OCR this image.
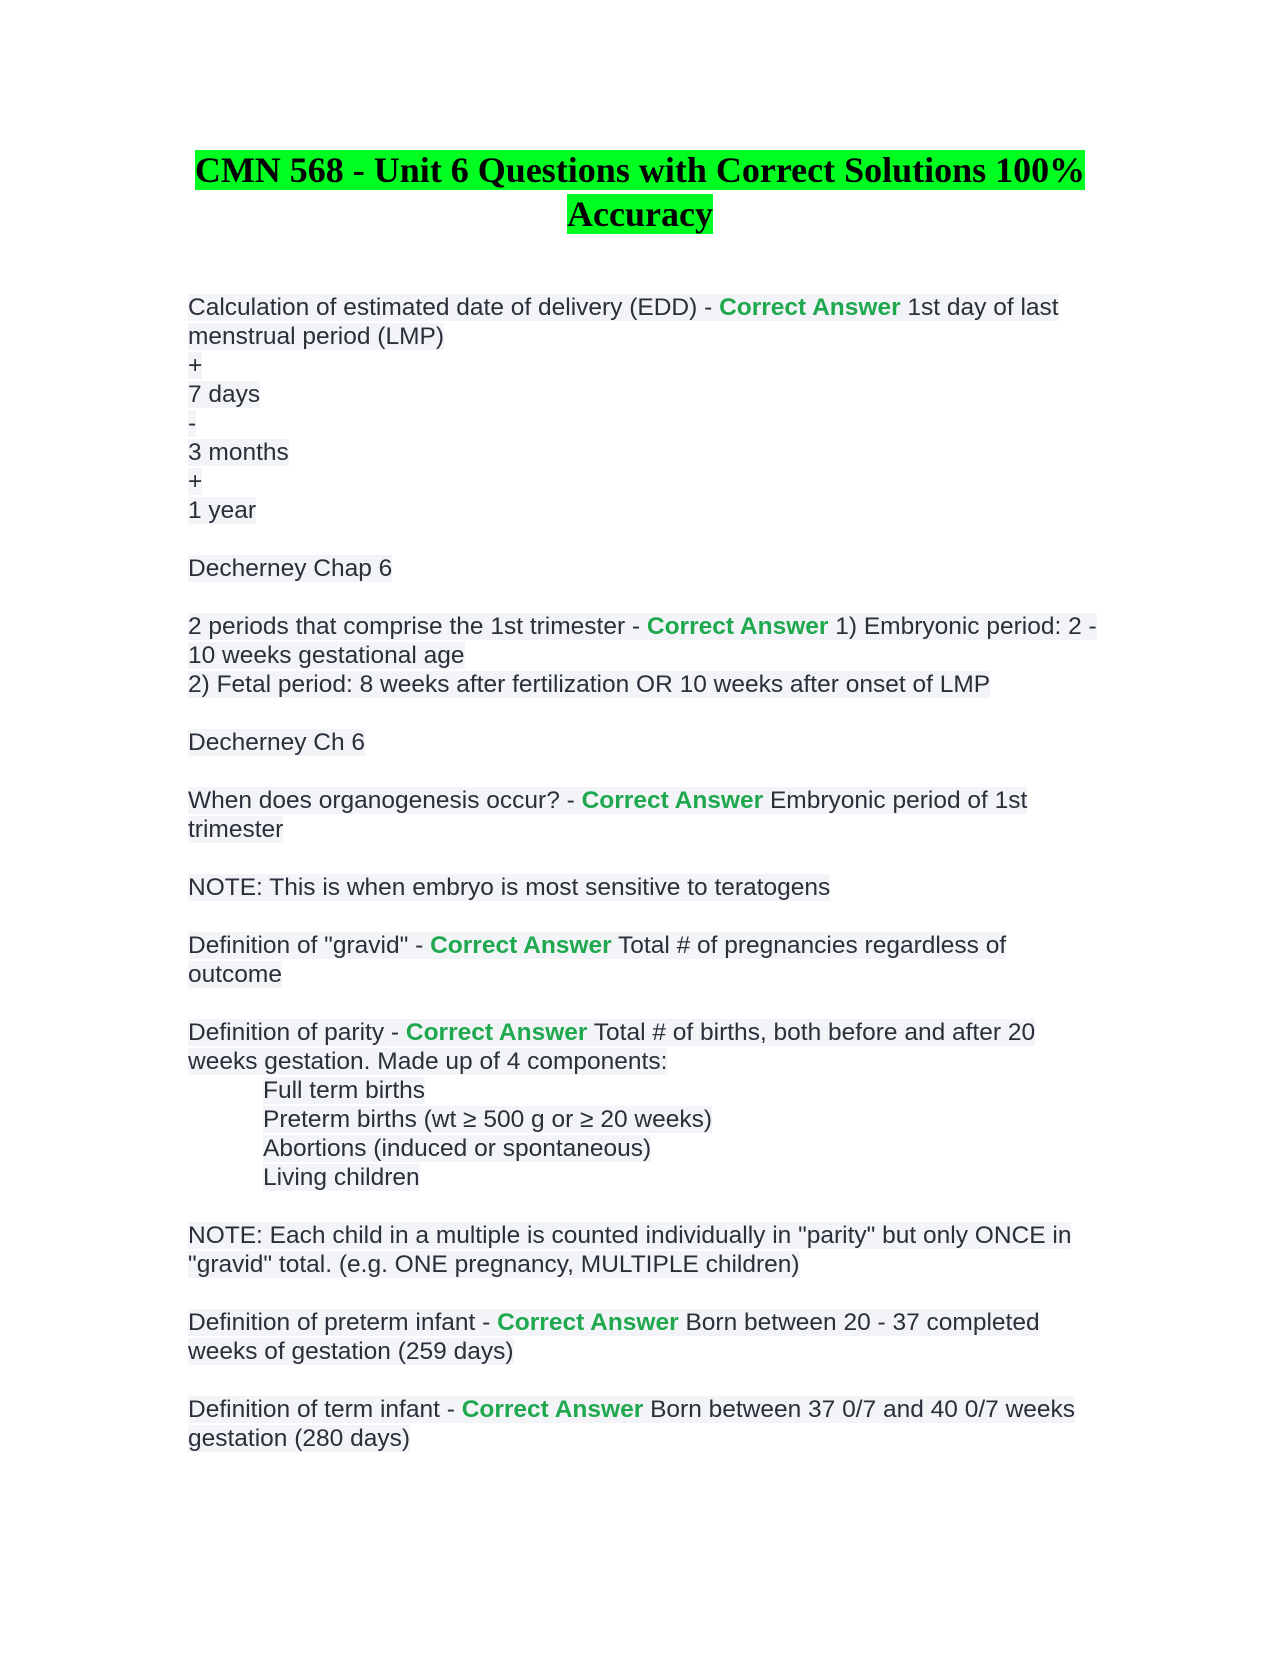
CMN 568 - Unit 6 Questions with Correct Solutions 100% Accuracy
Calculation of estimated date of delivery (EDD) - Correct Answer 1st day of last
menstrual period (LMP)
+
7 days
-
3 months
+
1 year
Decherney Chap 6
2 periods that comprise the 1st trimester - Correct Answer 1) Embryonic period: 2 -
10 weeks gestational age
2) Fetal period: 8 weeks after fertilization OR 10 weeks after onset of LMP
Decherney Ch 6
When does organogenesis occur? - Correct Answer Embryonic period of 1st
trimester
NOTE: This is when embryo is most sensitive to teratogens
Definition of "gravid" - Correct Answer Total # of pregnancies regardless of
outcome
Definition of parity - Correct Answer Total # of births, both before and after 20
weeks gestation. Made up of 4 components:
Full term births
Preterm births (wt ≥ 500 g or ≥ 20 weeks)
Abortions (induced or spontaneous)
Living children
NOTE: Each child in a multiple is counted individually in "parity" but only ONCE in
"gravid" total. (e.g. ONE pregnancy, MULTIPLE children)
Definition of preterm infant - Correct Answer Born between 20 - 37 completed
weeks of gestation (259 days)
Definition of term infant - Correct Answer Born between 37 0/7 and 40 0/7 weeks
gestation (280 days)
